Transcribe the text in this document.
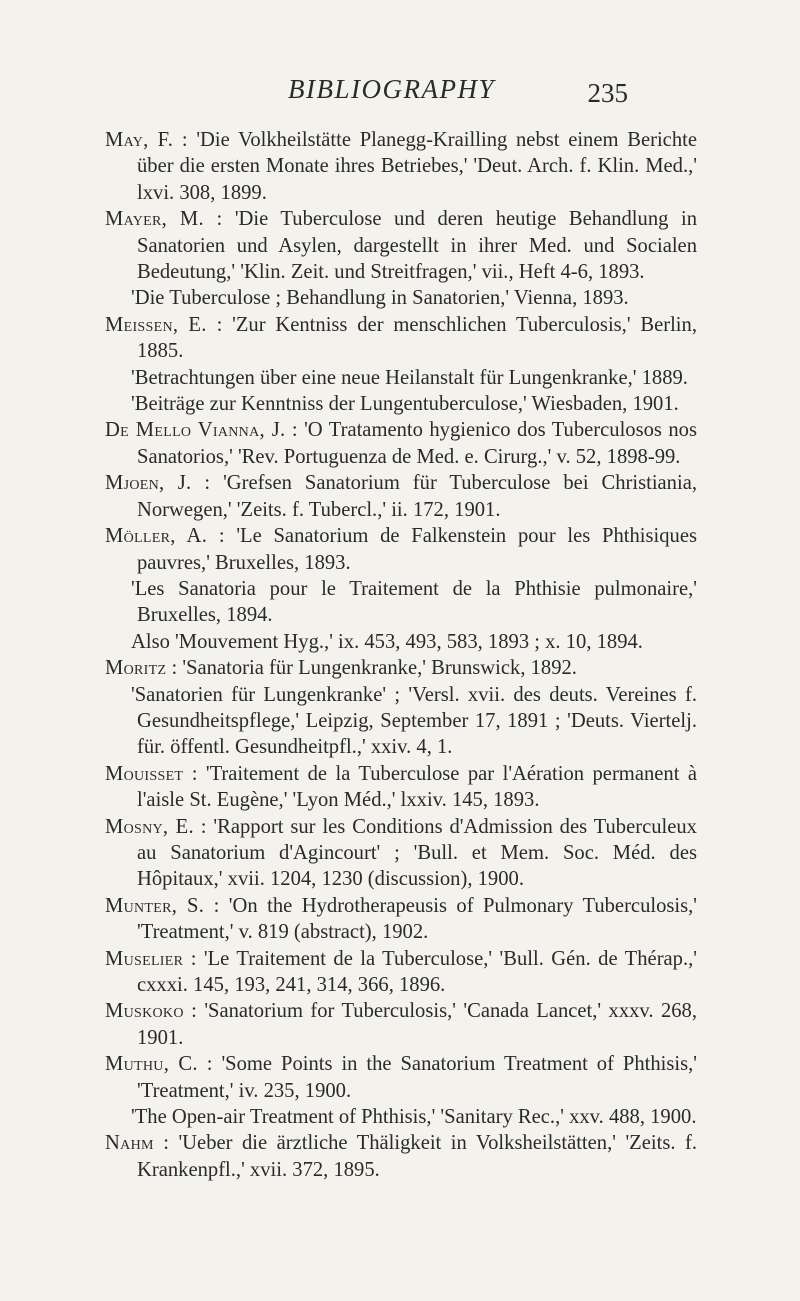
BIBLIOGRAPHY	235
May, F. : 'Die Volkheilstätte Planegg-Krailling nebst einem Berichte über die ersten Monate ihres Betriebes,' 'Deut. Arch. f. Klin. Med.,' lxvi. 308, 1899.
Mayer, M. : 'Die Tuberculose und deren heutige Behandlung in Sanatorien und Asylen, dargestellt in ihrer Med. und Socialen Bedeutung,' 'Klin. Zeit. und Streitfragen,' vii., Heft 4-6, 1893.
'Die Tuberculose ; Behandlung in Sanatorien,' Vienna, 1893.
Meissen, E. : 'Zur Kentniss der menschlichen Tuberculosis,' Berlin, 1885.
'Betrachtungen über eine neue Heilanstalt für Lungenkranke,' 1889.
'Beiträge zur Kenntniss der Lungentuberculose,' Wiesbaden, 1901.
De Mello Vianna, J. : 'O Tratamento hygienico dos Tuberculosos nos Sanatorios,' 'Rev. Portuguenza de Med. e. Cirurg.,' v. 52, 1898-99.
Mjoen, J. : 'Grefsen Sanatorium für Tuberculose bei Christiania, Norwegen,' 'Zeits. f. Tubercl.,' ii. 172, 1901.
Möller, A. : 'Le Sanatorium de Falkenstein pour les Phthisiques pauvres,' Bruxelles, 1893.
'Les Sanatoria pour le Traitement de la Phthisie pulmonaire,' Bruxelles, 1894.
Also 'Mouvement Hyg.,' ix. 453, 493, 583, 1893 ; x. 10, 1894.
Moritz : 'Sanatoria für Lungenkranke,' Brunswick, 1892.
'Sanatorien für Lungenkranke' ; 'Versl. xvii. des deuts. Vereines f. Gesundheitspflege,' Leipzig, September 17, 1891 ; 'Deuts. Viertelj. für. öffentl. Gesundheitpfl.,' xxiv. 4, 1.
Mouisset : 'Traitement de la Tuberculose par l'Aération permanent à l'aisle St. Eugène,' 'Lyon Méd.,' lxxiv. 145, 1893.
Mosny, E. : 'Rapport sur les Conditions d'Admission des Tuberculeux au Sanatorium d'Agincourt' ; 'Bull. et Mem. Soc. Méd. des Hôpitaux,' xvii. 1204, 1230 (discussion), 1900.
Munter, S. : 'On the Hydrotherapeusis of Pulmonary Tuberculosis,' 'Treatment,' v. 819 (abstract), 1902.
Muselier : 'Le Traitement de la Tuberculose,' 'Bull. Gén. de Thérap.,' cxxxi. 145, 193, 241, 314, 366, 1896.
Muskoko : 'Sanatorium for Tuberculosis,' 'Canada Lancet,' xxxv. 268, 1901.
Muthu, C. : 'Some Points in the Sanatorium Treatment of Phthisis,' 'Treatment,' iv. 235, 1900.
'The Open-air Treatment of Phthisis,' 'Sanitary Rec.,' xxv. 488, 1900.
Nahm : 'Ueber die ärztliche Thäligkeit in Volksheilstätten,' 'Zeits. f. Krankenpfl.,' xvii. 372, 1895.
